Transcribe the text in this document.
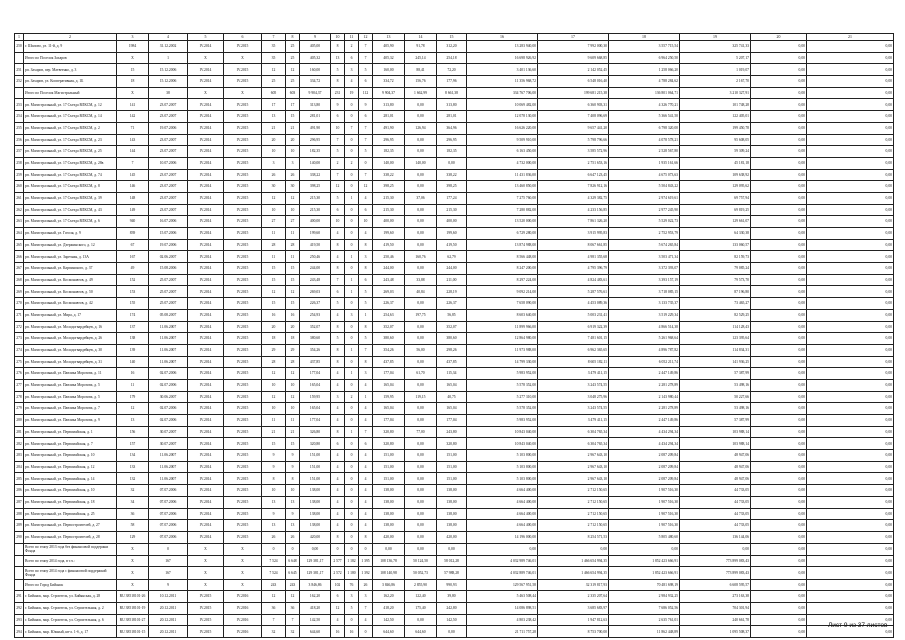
1	2	3	4	5	6	7	8	9	10	11	12	13	14	15	16	17	18	19	20	21
250	г. Шилово, ул. 11-й, д. 9	1984	31.12.2002	IV.2014	IV.2015	35	25	405,00	8	2	7	405,90	91,78	312,20	13 283 940,00	7 992 000,30	3 557 715,54	325 741,33	0,00	0,00
	Итого по Поселок Захаров	X	1	X	X	35	25	405,32	13	6	7	405,32	245,14	254,18	16 698 926,92	9 609 668,85	6 964 250,50	5 207,17	0,00	0,00
251	рп. Захаров, пер. Матвеенко, д. 3	15	15.12.2006	IV.2014	IV.2015	12	12	160,00	5	3	5	160,00	88,41	72,20	3 401 136,60	2 142 052,45	1 258 066,20	1 019,07	0,00	0,00
252	рп. Захаров, ул. Кооперативная, д. 1Б	18	15.12.2006	IV.2014	IV.2015	25	25	334,72	8	4	6	334,72	156,76	177,96	11 356 968,72	6 548 016,40	4 788 284,62	2 167,70	0,00	0,00
	Итого по Поселок Магистральный	X	38	X	X	605	603	9 904,37	231	19	112	9 904,37	1 662,99	8 661,38	334 767 706,00	199 681 215,38	136 801 064,71	3 210 327,91	0,00	0,00
253	рп. Магистральный, ул. 17 Съезда ВЛКСМ, д. 12	141	23.07.2007	IV.2014	IV.2015	17	17	313,80	9	0	9	313,80	0,00	313,80	10 069 482,00	6 360 903,31	4 326 770,21	101 748,28	0,00	0,00
254	рп. Магистральный, ул. 17 Съезда ВЛКСМ, д. 14	142	23.07.2007	IV.2014	IV.2015	13	15	281,01	6	0	6	281,01	0,00	281,01	12 078 130,00	7 408 096,69	5 366 541,50	122 405,01	0,00	0,00
255	рп. Магистральный, ул. 17 Съезда ВЛКСМ, д. 2	71	19.07.2006	IV.2014	IV.2015	21	21	491,90	10	7	7	491,90	126,94	364,96	16 626 220,00	9 657 441,20	6 798 320,00	199 450,78	0,00	0,00
256	рп. Магистральный, ул. 17 Съезда ВЛКСМ, д. 23	143	23.07.2007	IV.2014	IV.2015	20	20	296,95	7	0	7	296,95	0,00	296,95	9 509 910,00	5 798 796,66	4 078 578,21	95 608,05	0,00	0,00
257	рп. Магистральный, ул. 17 Съезда ВЛКСМ, д. 25	144	23.07.2007	IV.2014	IV.2015	10	10	182,35	5	0	5	182,35	0,00	182,35	6 163 450,00	3 585 572,96	2 528 567,80	59 309,24	0,00	0,00
258	рп. Магистральный, ул. 17 Съезда ВЛКСМ, д. 28в	7	10.07.2006	IV.2014	IV.2015	3	3	140,00	2	2	0	140,00	140,00	0,00	4 732 000,00	2 751 653,16	1 935 161,66	45 181,18	0,00	0,00
259	рп. Магистральный, ул. 17 Съезда ВЛКСМ, д. 74	145	23.07.2007	IV.2014	IV.2015	26	26	338,22	7	0	7	338,22	0,00	338,22	11 431 836,00	6 647 123,45	4 675 073,63	109 638,92	0,00	0,00
260	рп. Магистральный, ул. 17 Съезда ВЛКСМ, д. 8	146	23.07.2007	IV.2014	IV.2015	30	30	398,25	12	0	12	398,25	0,00	398,25	13 460 850,00	7 826 912,16	5 504 843,22	129 095,62	0,00	0,00
261	рп. Магистральный, ул. 17 Съезда ВЛКСМ, д. 39	148	23.07.2007	IV.2014	IV.2015	12	12	215,30	5	1	4	215,30	37,06	177,24	7 275 760,00	4 329 382,75	2 974 619,61	69 757,94	0,00	0,00
262	рп. Магистральный, ул. 17 Съезда ВЛКСМ, д. 43	149	23.07.2007	IV.2014	IV.2015	10	10	215,30	6	0	6	215,30	0,00	215,30	7 280 882,00	4 233 156,85	2 977 245,90	69 819,25	0,00	0,00
263	рп. Магистральный, ул. 17 Съезда ВЛКСМ, д. 6	940	16.07.2006	IV.2014	IV.2015	27	27	400,00	10	0	10	400,00	0,00	400,00	13 520 000,00	7 861 326,20	5 529 022,73	129 661,07	0,00	0,00
264	рп. Магистральный, ул. Гоголя, д. 9	839	15.07.2006	IV.2014	IV.2015	11	11	199,60	4	0	4	199,60	0,00	199,60	6 729 280,00	3 915 995,83	2 752 953,79	64 330,38	0,00	0,00
265	рп. Магистральный, ул. Дзержинского, д. 12	67	19.07.2006	IV.2014	IV.2015	28	28	419,50	8	0	8	419,50	0,00	419,50	13 874 988,00	8 067 661,85	5 674 265,84	133 060,57	0,00	0,00
266	рп. Магистральный, ул. Заречная, д. 13А	167	02.06.2007	IV.2014	IV.2015	11	11	250,46	4	1	3	250,46	160,76	62,79	8 566 448,00	4 981 355,68	3 503 471,34	82 159,73	0,00	0,00
267	рп. Магистральный, ул. Карпинского, д. 37	49	15.08.2006	IV.2014	IV.2015	15	15	244,00	8	0	8	244,00	0,00	244,00	8 247 200,00	4 795 396,79	3 372 393,07	79 085,24	0,00	0,00
268	рп. Магистральный, ул. Космонавтов, д. 49	152	25.07.2007	IV.2014	IV.2015	15	15	243,48	7	1	6	243,48	33,88	211,00	8 297 224,00	4 824 483,61	3 393 157,19	79 573,70	0,00	0,00
269	рп. Магистральный, ул. Космонавтов, д. 50	153	25.07.2007	IV.2014	IV.2015	12	12	269,03	6	1	5	269,03	40,84	228,19	9 092 214,00	5 287 576,61	3 718 085,15	87 196,80	0,00	0,00
270	рп. Магистральный, ул. Космонавтов, д. 42	155	25.07.2007	IV.2014	IV.2015	15	15	226,37	5	0	5	226,37	0,00	226,37	7 658 090,00	4 453 089,36	3 133 735,37	73 465,27	0,00	0,00
271	рп. Магистральный, ул. Мира, д. 17	174	05.08.2007	IV.2014	IV.2015	16	16	254,93	4	3	1	254,63	197,75	56,85	8 603 640,00	5 003 231,41	3 519 229,34	82 529,25	0,00	0,00
272	рп. Магистральный, ул. Молодогвардейцев, д. 16	137	11.06.2007	IV.2014	IV.2015	20	20	352,07	8	0	8	352,07	0,00	352,07	11 899 966,00	6 919 322,39	4 866 514,38	114 128,43	0,00	0,00
273	рп. Магистральный, ул. Молодогвардейцев, д. 26	138	11.06.2007	IV.2014	IV.2015	18	18	380,60	5	0	5	380,60	0,00	380,60	12 864 980,00	7 481 601,15	5 261 968,64	123 395,64	0,00	0,00
274	рп. Магистральный, ул. Молодогвардейцев, д. 30	139	11.06.2007	IV.2014	IV.2015	29	29	354,26	8	1	7	354,26	56,00	298,26	11 973 988,00	6 962 365,65	4 896 787,82	114 834,31	0,00	0,00
275	рп. Магистральный, ул. Молодогвардейцев, д. 31	140	11.06.2007	IV.2014	IV.2015	28	28	437,85	8	0	8	437,85	0,00	437,85	14 799 330,00	8 605 182,11	6 052 211,74	141 936,25	0,00	0,00
276	рп. Магистральный, ул. Павлика Морозова, д. 11	16	02.07.2006	IV.2014	IV.2015	12	12	177,04	4	1	3	177,04	61,70	115,34	5 983 952,00	3 479 411,15	2 447 149,86	57 387,99	0,00	0,00
277	рп. Магистральный, ул. Павлика Морозова, д. 5	11	02.07.2006	IV.2014	IV.2015	10	10	165,04	4	0	4	165,04	0,00	165,04	5 578 352,00	3 243 574,55	2 281 278,89	53 498,16	0,00	0,00
278	рп. Магистральный, ул. Павлика Морозова, д. 5	179	30.06.2007	IV.2014	IV.2015	12	12	159,95	3	2	1	159,95	119,15	40,75	5 277 310,00	3 048 275,96	2 143 980,44	50 227,66	0,00	0,00
279	рп. Магистральный, ул. Павлика Морозова, д. 7	12	02.07.2006	IV.2014	IV.2015	10	10	165,04	4	0	4	165,04	0,00	165,04	5 578 352,00	3 243 574,55	2 281 278,89	53 498,16	0,00	0,00
280	рп. Магистральный, ул. Павлика Морозова, д. 9	13	02.07.2006	IV.2014	IV.2015	11	11	177,04	4	0	4	177,04	0,00	177,04	5 983 952,00	3 479 411,15	2 447 149,86	57 387,99	0,00	0,00
281	рп. Магистральный, ул. Первомайская, д. 1	156	30.07.2007	IV.2014	IV.2015	21	21	326,80	8	1	7	320,80	77,00	243,80	10 843 040,00	6 304 765,34	4 434 294,34	103 988,14	0,00	0,00
282	рп. Магистральный, ул. Первомайская, д. 7	157	30.07.2007	IV.2014	IV.2015	15	15	320,80	6	0	6	320,80	0,00	320,80	10 843 040,00	6 304 765,34	4 434 294,34	103 988,14	0,00	0,00
283	рп. Магистральный, ул. Первомайская, д. 10	134	11.06.2007	IV.2014	IV.2015	9	9	151,00	4	0	4	151,00	0,00	151,00	5 103 800,00	2 967 643,10	2 087 209,84	48 947,06	0,00	0,00
284	рп. Магистральный, ул. Первомайская, д. 12	133	11.06.2007	IV.2014	IV.2015	9	9	151,00	4	0	4	151,00	0,00	151,00	5 103 800,00	2 967 643,10	2 087 209,84	48 947,06	0,00	0,00
285	рп. Магистральный, ул. Первомайская, д. 14	132	11.06.2007	IV.2014	IV.2015	8	8	151,00	4	0	4	151,00	0,00	151,00	5 103 800,00	2 967 643,10	2 087 209,84	48 947,06	0,00	0,00
286	рп. Магистральный, ул. Первомайская, д. 10	32	07.07.2006	IV.2014	IV.2015	10	10	138,00	4	0	4	138,00	0,00	138,00	4 664 400,00	2 712 150,65	1 907 516,30	44 733,05	0,00	0,00
287	рп. Магистральный, ул. Первомайская, д. 18	34	07.07.2006	IV.2014	IV.2015	13	13	138,00	4	0	4	138,00	0,00	138,00	4 664 400,00	2 712 150,65	1 907 516,30	44 733,05	0,00	0,00
288	рп. Магистральный, ул. Первомайская, д. 25	36	07.07.2006	IV.2014	IV.2015	9	9	138,00	4	0	4	138,00	0,00	138,00	4 664 400,00	2 712 150,65	1 907 516,30	44 733,05	0,00	0,00
289	рп. Магистральный, ул. Первостроителей, д. 27	58	07.07.2006	IV.2014	IV.2015	13	13	138,00	4	0	4	138,00	0,00	138,00	4 664 400,00	2 712 150,65	1 907 516,30	44 733,05	0,00	0,00
290	рп. Магистральный, ул. Первостроителей, д. 28	129	07.07.2006	IV.2014	IV.2015	26	26	420,00	8	0	8	420,00	0,00	420,00	14 196 000,00	8 254 571,53	5 805 480,60	136 144,06	0,00	0,00
	Всего по этапу 2013 года без финансовой поддержки Фонда	X	0	X	X	0	0	0,00	0	0	0	0,00	0,00	0,00	0,00	0,00	0,00	0,00	0,00	0,00
	Всего по этапу 2014 года, в т.ч.:	X	167	X	X	7 524	6 648	129 381,17	2 577	1 182	1 395	108 136,78	50 124,50	58 012,28	4 032 989 746,01	1 466 654 994,35	1 852 423 666,91	773 899 083,43	0,00	0,00
	Всего по этапу 2014 года с финансовой поддержкой Фонда	X	167	X	X	7 524	6 645	129 381,17	2 572	1 180	1 392	108 140,98	50 052,73	57 988,28	4 032 889 746,01	1 466 654 994,35	1 852 423 666,91	773 899 083,43	0,00	0,00
	Итого по Город Бийянск	X	9	X	X	243	243	3 846,86	102	76	26	3 846,86	2 855,90	990,93	129 567 951,58	32 319 817,93	70 481 698,19	6 608 595,57	0,00	0,00
291	г. Бийянск, мкр. Строитель, ул. Бийянская, д. 28	RU 38518101-26	10.12.2011	IV.2015	IV.2016	12	12	162,20	6	3	3	162,20	122,40	39,80	5 463 508,44	2 335 207,64	2 984 932,25	273 163,38	0,00	0,00
292	г. Бийянск, мкр. Строитель, ул. Строительная, д. 2	RU 38518101-19	20.12.2011	IV.2015	IV.2016	36	36	418,20	12	5	7	418,20	175,40	242,80	14 086 898,51	3 685 683,97	7 686 052,56	704 301,94	0,00	0,00
293	г. Бийянск, мкр. Строитель, ул. Строительная, д. 6	RU 38518101-27	20.12.2011	IV.2015	IV.2016	7	7	142,50	4	0	4	142,50	0,00	142,50	4 803 238,42	1 947 812,63	2 635 761,01	240 661,78	0,00	0,00
294	г. Бийянск, мкр. Южный, кв-л. 1-б, д. 17	RU 38518101-15	20.12.2011	IV.2015	IV.2016	32	32	644,60	16	16	0	644,60	644,60	0,00	21 711 757,28	8 753 700,00	11 862 448,89	1 095 508,37	0,00	0,00
Лист 9 из 37 листов
